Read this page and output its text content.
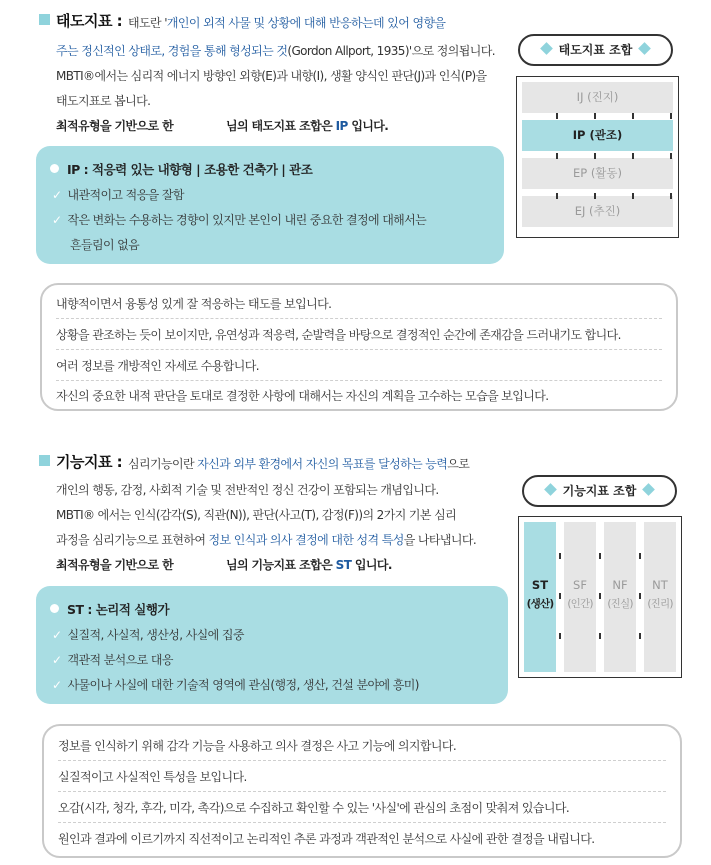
태도지표 : 태도란 '개인이 외적 사물 및 상황에 대해 반응하는데 있어 영향을
주는 정신적인 상태로, 경험을 통해 형성되는 것(Gordon Allport, 1935)'으로 정의됩니다.
MBTI®에서는 심리적 에너지 방향인 외향(E)과 내향(I), 생활 양식인 판단(J)과 인식(P)을
태도지표로 봅니다.
최적유형을 기반으로 한	님의 태도지표 조합은 IP 입니다.
IP : 적응력 있는 내향형 | 조용한 건축가 | 관조
✓ 내관적이고 적응을 잘함
✓ 작은 변화는 수용하는 경향이 있지만 본인이 내린 중요한 결정에 대해서는
흔들림이 없음
태도지표 조합
IJ (진지)
IP (관조)
EP (활동)
EJ (추진)
내향적이면서 융통성 있게 잘 적응하는 태도를 보입니다.
상황을 관조하는 듯이 보이지만, 유연성과 적응력, 순발력을 바탕으로 결정적인 순간에 존재감을 드러내기도 합니다.
여러 정보를 개방적인 자세로 수용합니다.
자신의 중요한 내적 판단을 토대로 결정한 사항에 대해서는 자신의 계획을 고수하는 모습을 보입니다.
기능지표 : 심리기능이란 자신과 외부 환경에서 자신의 목표를 달성하는 능력으로
개인의 행동, 감정, 사회적 기술 및 전반적인 정신 건강이 포함되는 개념입니다.
MBTI® 에서는 인식(감각(S), 직관(N)), 판단(사고(T), 감정(F))의 2가지 기본 심리
과정을 심리기능으로 표현하여 정보 인식과 의사 결정에 대한 성격 특성을 나타냅니다.
최적유형을 기반으로 한	님의 기능지표 조합은 ST 입니다.
ST : 논리적 실행가
✓ 실질적, 사실적, 생산성, 사실에 집중
✓ 객관적 분석으로 대응
✓ 사물이나 사실에 대한 기술적 영역에 관심(행정, 생산, 건설 분야에 흥미)
기능지표 조합
ST
(생산)
SF
(인간)
NF
(진실)
NT
(진리)
정보를 인식하기 위해 감각 기능을 사용하고 의사 결정은 사고 기능에 의지합니다.
실질적이고 사실적인 특성을 보입니다.
오감(시각, 청각, 후각, 미각, 촉각)으로 수집하고 확인할 수 있는 '사실'에 관심의 초점이 맞춰져 있습니다.
원인과 결과에 이르기까지 직선적이고 논리적인 추론 과정과 객관적인 분석으로 사실에 관한 결정을 내립니다.
